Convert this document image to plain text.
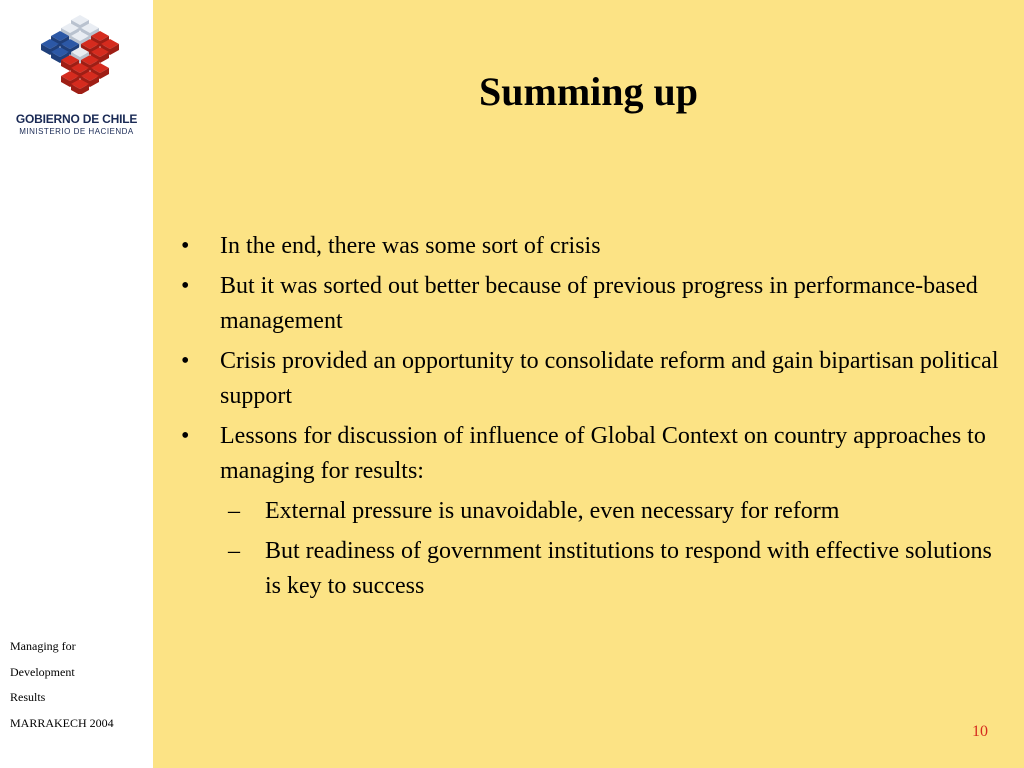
GOBIERNO DE CHILE
MINISTERIO DE HACIENDA
Managing for
Development
Results
MARRAKECH 2004
Summing up
•	In the end, there was some sort of crisis
•	But it was sorted out better because of previous progress in performance-based management
•	Crisis provided an opportunity to consolidate reform and gain bipartisan political support
•	Lessons for discussion of influence of Global Context on country approaches to managing for results:
–	External pressure is unavoidable, even necessary for reform
–	But readiness of government institutions to respond with effective solutions is key to success
10
